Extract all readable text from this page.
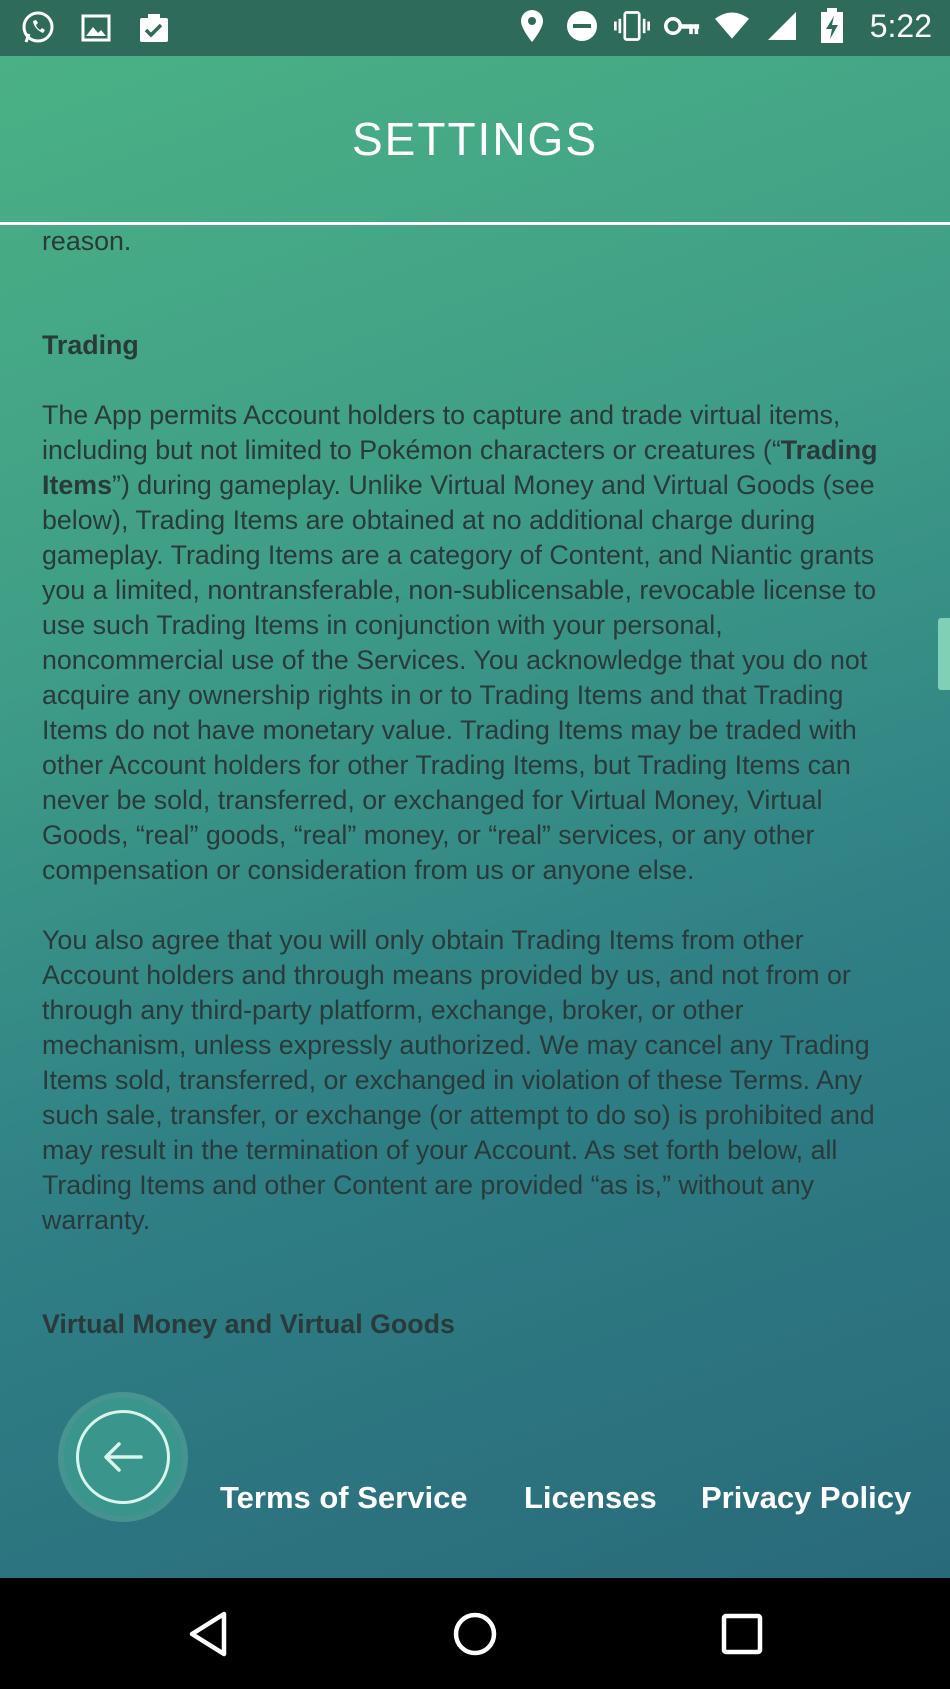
5:22
SETTINGS

reason.

Trading

The App permits Account holders to capture and trade virtual items, including but not limited to Pokémon characters or creatures (“Trading Items”) during gameplay. Unlike Virtual Money and Virtual Goods (see below), Trading Items are obtained at no additional charge during gameplay. Trading Items are a category of Content, and Niantic grants you a limited, nontransferable, non-sublicensable, revocable license to use such Trading Items in conjunction with your personal, noncommercial use of the Services. You acknowledge that you do not acquire any ownership rights in or to Trading Items and that Trading Items do not have monetary value. Trading Items may be traded with other Account holders for other Trading Items, but Trading Items can never be sold, transferred, or exchanged for Virtual Money, Virtual Goods, “real” goods, “real” money, or “real” services, or any other compensation or consideration from us or anyone else.

You also agree that you will only obtain Trading Items from other Account holders and through means provided by us, and not from or through any third-party platform, exchange, broker, or other mechanism, unless expressly authorized. We may cancel any Trading Items sold, transferred, or exchanged in violation of these Terms. Any such sale, transfer, or exchange (or attempt to do so) is prohibited and may result in the termination of your Account. As set forth below, all Trading Items and other Content are provided “as is,” without any warranty.

Virtual Money and Virtual Goods

Terms of Service Licenses Privacy Policy
